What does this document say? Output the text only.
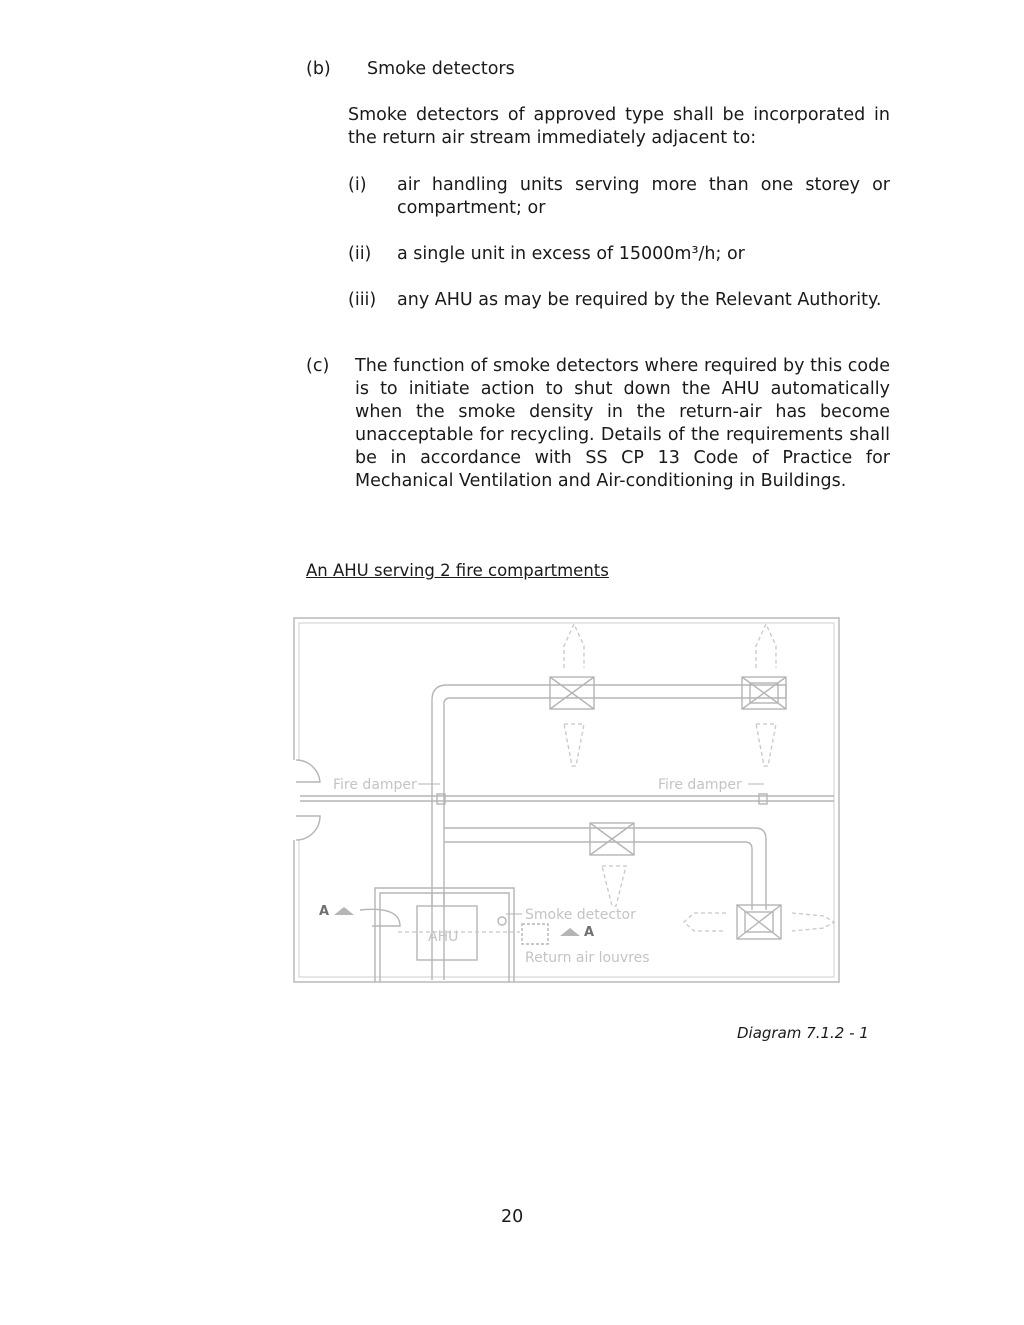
(b) Smoke detectors
Smoke detectors of approved type shall be incorporated in the return air stream immediately adjacent to:
(i) air handling units serving more than one storey or compartment; or
(ii) a single unit in excess of 15000m³/h; or
(iii) any AHU as may be required by the Relevant Authority.
(c) The function of smoke detectors where required by this code is to initiate action to shut down the AHU automatically when the smoke density in the return-air has become unacceptable for recycling. Details of the requirements shall be in accordance with SS CP 13 Code of Practice for Mechanical Ventilation and Air-conditioning in Buildings.
An AHU serving 2 fire compartments
Fire damper	Fire damper
AHU
Smoke detector
Return air louvres
A
A
Diagram 7.1.2 - 1
20
